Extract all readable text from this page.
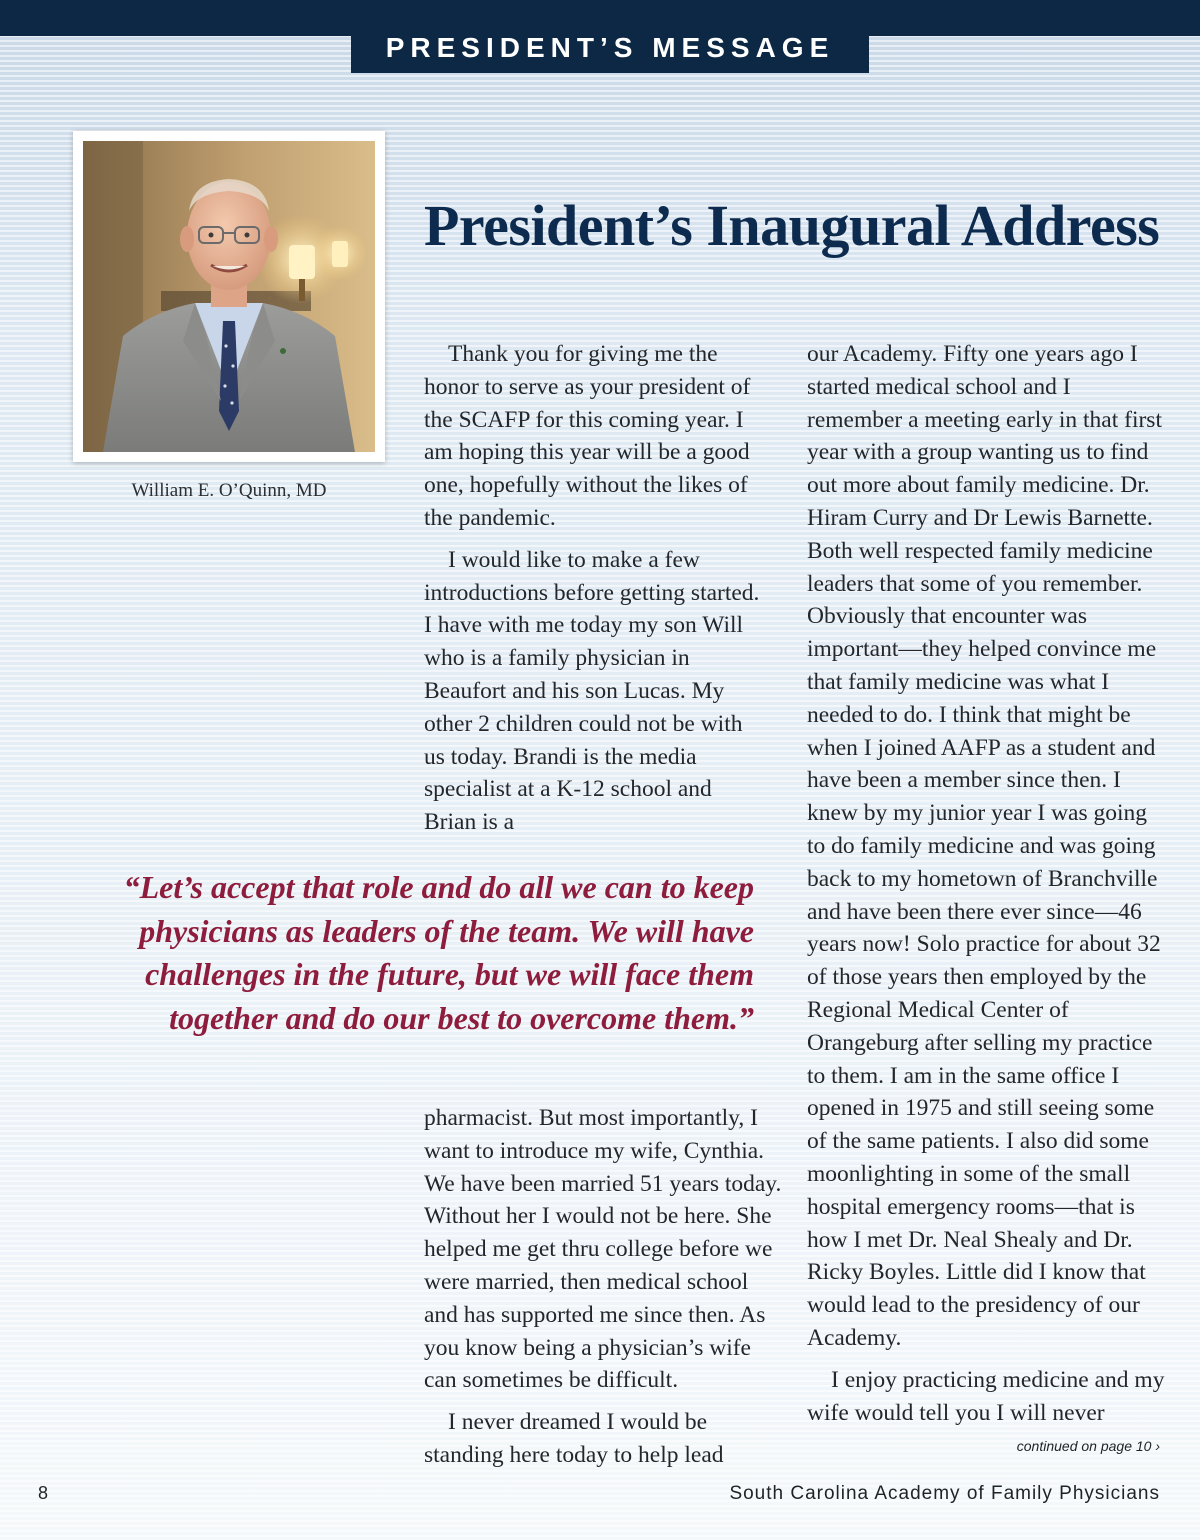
PRESIDENT’S MESSAGE
William E. O’Quinn, MD
President’s Inaugural Address

Thank you for giving me the honor to serve as your president of the SCAFP for this coming year. I am hoping this year will be a good one, hopefully without the likes of the pandemic.

I would like to make a few introductions before getting started. I have with me today my son Will who is a family physician in Beaufort and his son Lucas. My other 2 children could not be with us today. Brandi is the media specialist at a K-12 school and Brian is a

“Let’s accept that role and do all we can to keep physicians as leaders of the team. We will have challenges in the future, but we will face them together and do our best to overcome them.”

pharmacist. But most importantly, I want to introduce my wife, Cynthia. We have been married 51 years today. Without her I would not be here. She helped me get thru college before we were married, then medical school and has supported me since then. As you know being a physician’s wife can sometimes be difficult.

I never dreamed I would be standing here today to help lead

our Academy. Fifty one years ago I started medical school and I remember a meeting early in that first year with a group wanting us to find out more about family medicine. Dr. Hiram Curry and Dr Lewis Barnette. Both well respected family medicine leaders that some of you remember. Obviously that encounter was important—they helped convince me that family medicine was what I needed to do. I think that might be when I joined AAFP as a student and have been a member since then. I knew by my junior year I was going to do family medicine and was going back to my hometown of Branchville and have been there ever since—46 years now! Solo practice for about 32 of those years then employed by the Regional Medical Center of Orangeburg after selling my practice to them. I am in the same office I opened in 1975 and still seeing some of the same patients. I also did some moonlighting in some of the small hospital emergency rooms—that is how I met Dr. Neal Shealy and Dr. Ricky Boyles. Little did I know that would lead to the presidency of our Academy.

I enjoy practicing medicine and my wife would tell you I will never

continued on page 10 ›
8	South Carolina Academy of Family Physicians
